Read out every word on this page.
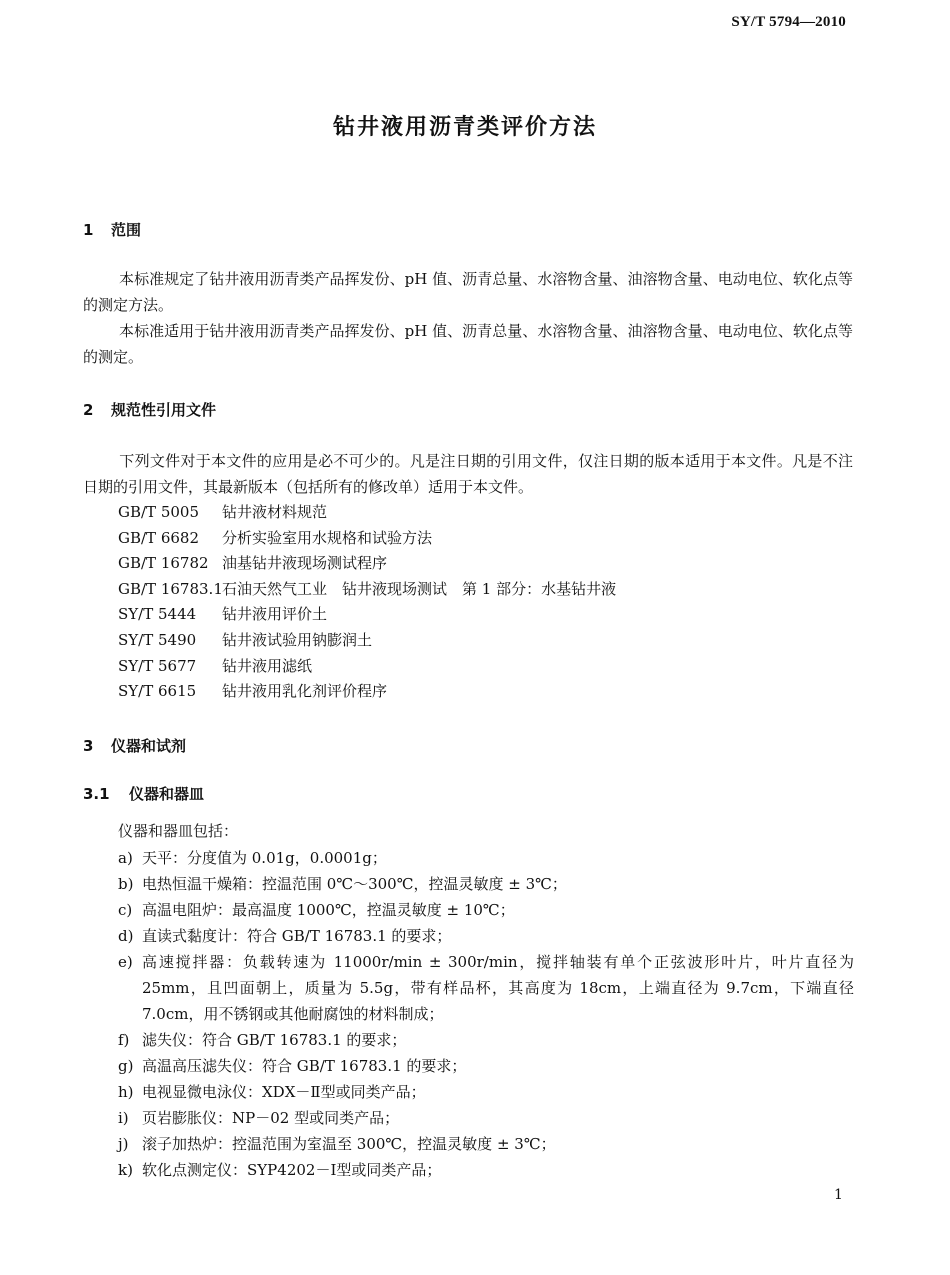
SY/T 5794—2010
钻井液用沥青类评价方法
1 范围
本标准规定了钻井液用沥青类产品挥发份、pH 值、沥青总量、水溶物含量、油溶物含量、电动电位、软化点等的测定方法。
本标准适用于钻井液用沥青类产品挥发份、pH 值、沥青总量、水溶物含量、油溶物含量、电动电位、软化点等的测定。
2 规范性引用文件
下列文件对于本文件的应用是必不可少的。凡是注日期的引用文件，仅注日期的版本适用于本文件。凡是不注日期的引用文件，其最新版本（包括所有的修改单）适用于本文件。
GB/T 5005 钻井液材料规范
GB/T 6682 分析实验室用水规格和试验方法
GB/T 16782 油基钻井液现场测试程序
GB/T 16783.1石油天然气工业　钻井液现场测试　第 1 部分：水基钻井液
SY/T 5444 钻井液用评价土
SY/T 5490 钻井液试验用钠膨润土
SY/T 5677 钻井液用滤纸
SY/T 6615 钻井液用乳化剂评价程序
3 仪器和试剂
3.1 仪器和器皿
仪器和器皿包括：
a) 天平：分度值为 0.01g，0.0001g；
b) 电热恒温干燥箱：控温范围 0℃～300℃，控温灵敏度 ± 3℃；
c) 高温电阻炉：最高温度 1000℃，控温灵敏度 ± 10℃；
d) 直读式黏度计：符合 GB/T 16783.1 的要求；
e) 高速搅拌器：负载转速为 11000r/min ± 300r/min，搅拌轴装有单个正弦波形叶片，叶片直径为 25mm，且凹面朝上，质量为 5.5g，带有样品杯，其高度为 18cm，上端直径为 9.7cm，下端直径 7.0cm，用不锈钢或其他耐腐蚀的材料制成；
f) 滤失仪：符合 GB/T 16783.1 的要求；
g) 高温高压滤失仪：符合 GB/T 16783.1 的要求；
h) 电视显微电泳仪：XDX－Ⅱ型或同类产品；
i) 页岩膨胀仪：NP－02 型或同类产品；
j) 滚子加热炉：控温范围为室温至 300℃，控温灵敏度 ± 3℃；
k) 软化点测定仪：SYP4202－Ⅰ型或同类产品；
1
